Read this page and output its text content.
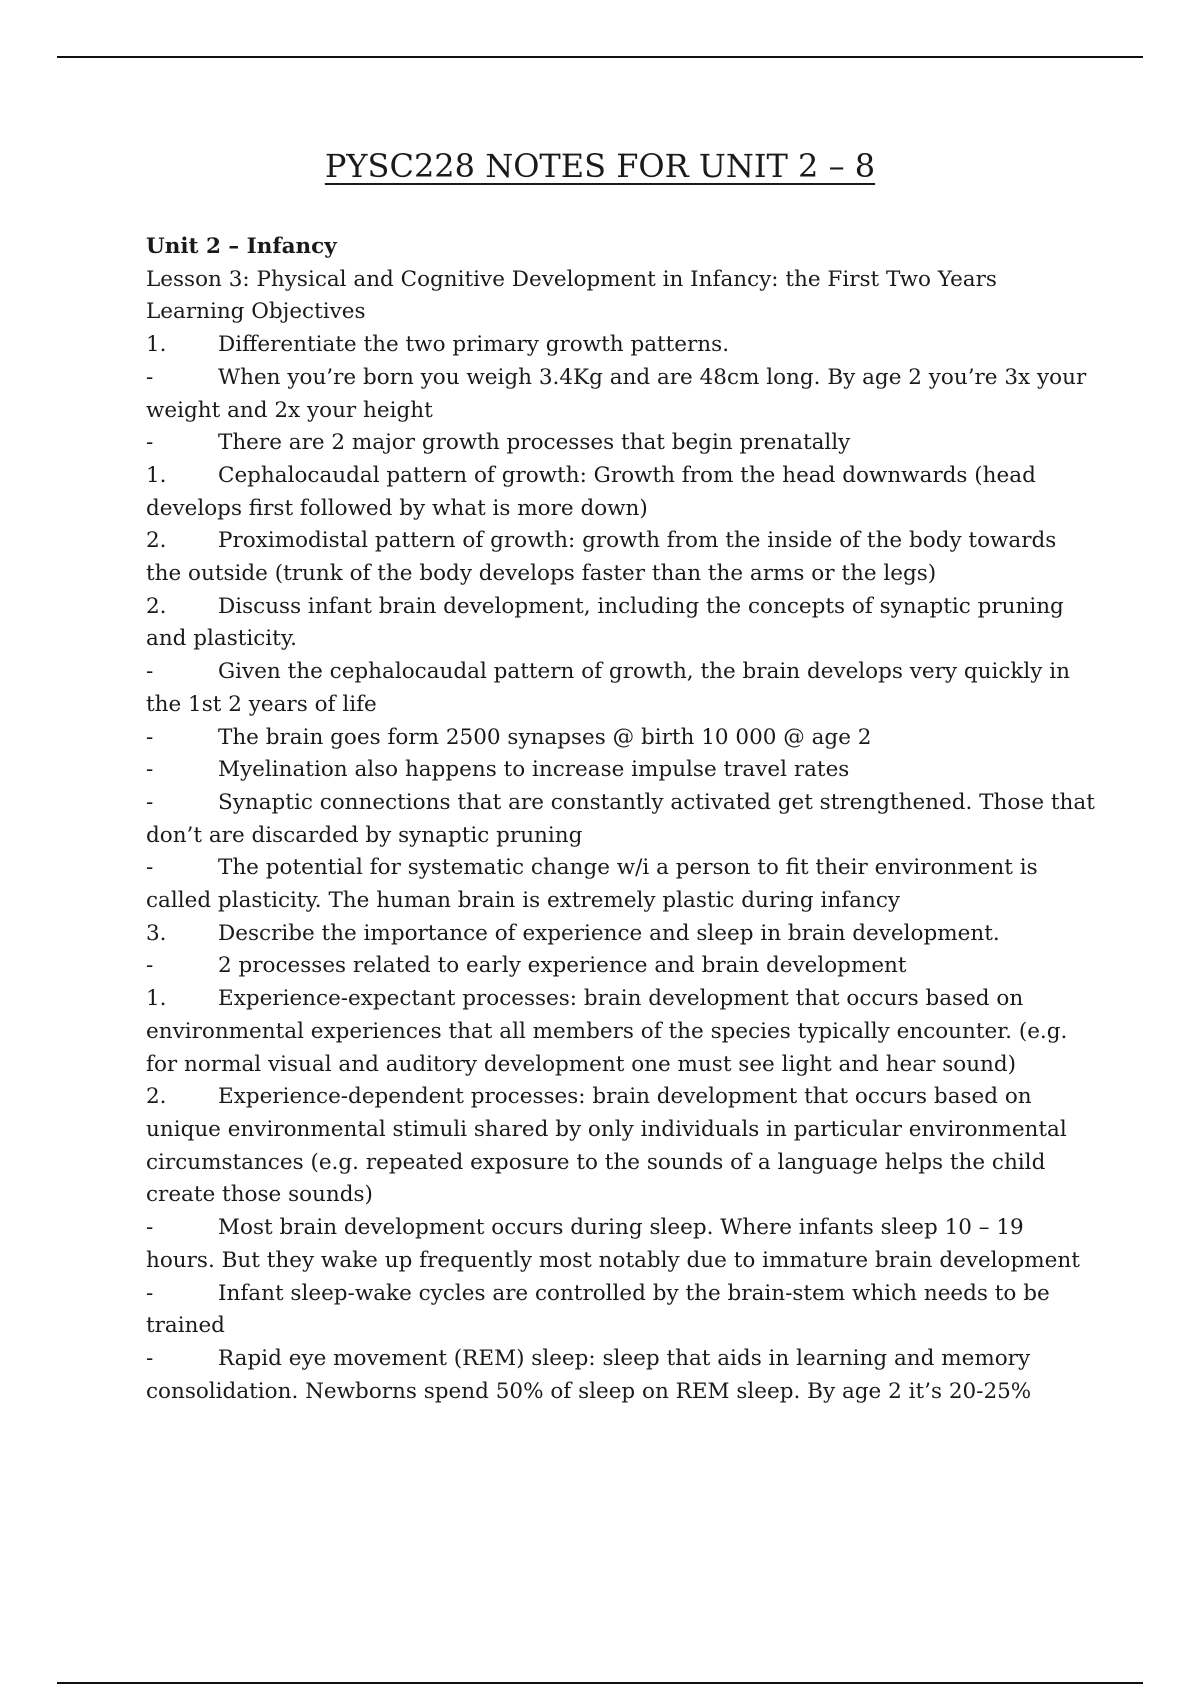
PYSC228 NOTES FOR UNIT 2 – 8

Unit 2 – Infancy

Lesson 3: Physical and Cognitive Development in Infancy: the First Two Years

Learning Objectives

1. Differentiate the two primary growth patterns.

-	When you’re born you weigh 3.4Kg and are 48cm long. By age 2 you’re 3x your weight and 2x your height

-	There are 2 major growth processes that begin prenatally

1. Cephalocaudal pattern of growth: Growth from the head downwards (head develops first followed by what is more down)

2. Proximodistal pattern of growth: growth from the inside of the body towards the outside (trunk of the body develops faster than the arms or the legs)

2. Discuss infant brain development, including the concepts of synaptic pruning and plasticity.

-	Given the cephalocaudal pattern of growth, the brain develops very quickly in the 1st 2 years of life

-	The brain goes form 2500 synapses @ birth 10 000 @ age 2

-	Myelination also happens to increase impulse travel rates

-	Synaptic connections that are constantly activated get strengthened. Those that don’t are discarded by synaptic pruning

-	The potential for systematic change w/i a person to fit their environment is called plasticity. The human brain is extremely plastic during infancy

3. Describe the importance of experience and sleep in brain development.

-	2 processes related to early experience and brain development

1. Experience-expectant processes: brain development that occurs based on environmental experiences that all members of the species typically encounter. (e.g. for normal visual and auditory development one must see light and hear sound)

2. Experience-dependent processes: brain development that occurs based on unique environmental stimuli shared by only individuals in particular environmental circumstances (e.g. repeated exposure to the sounds of a language helps the child create those sounds)

-	Most brain development occurs during sleep. Where infants sleep 10 – 19 hours. But they wake up frequently most notably due to immature brain development

-	Infant sleep-wake cycles are controlled by the brain-stem which needs to be trained

-	Rapid eye movement (REM) sleep: sleep that aids in learning and memory consolidation. Newborns spend 50% of sleep on REM sleep. By age 2 it’s 20-25%
